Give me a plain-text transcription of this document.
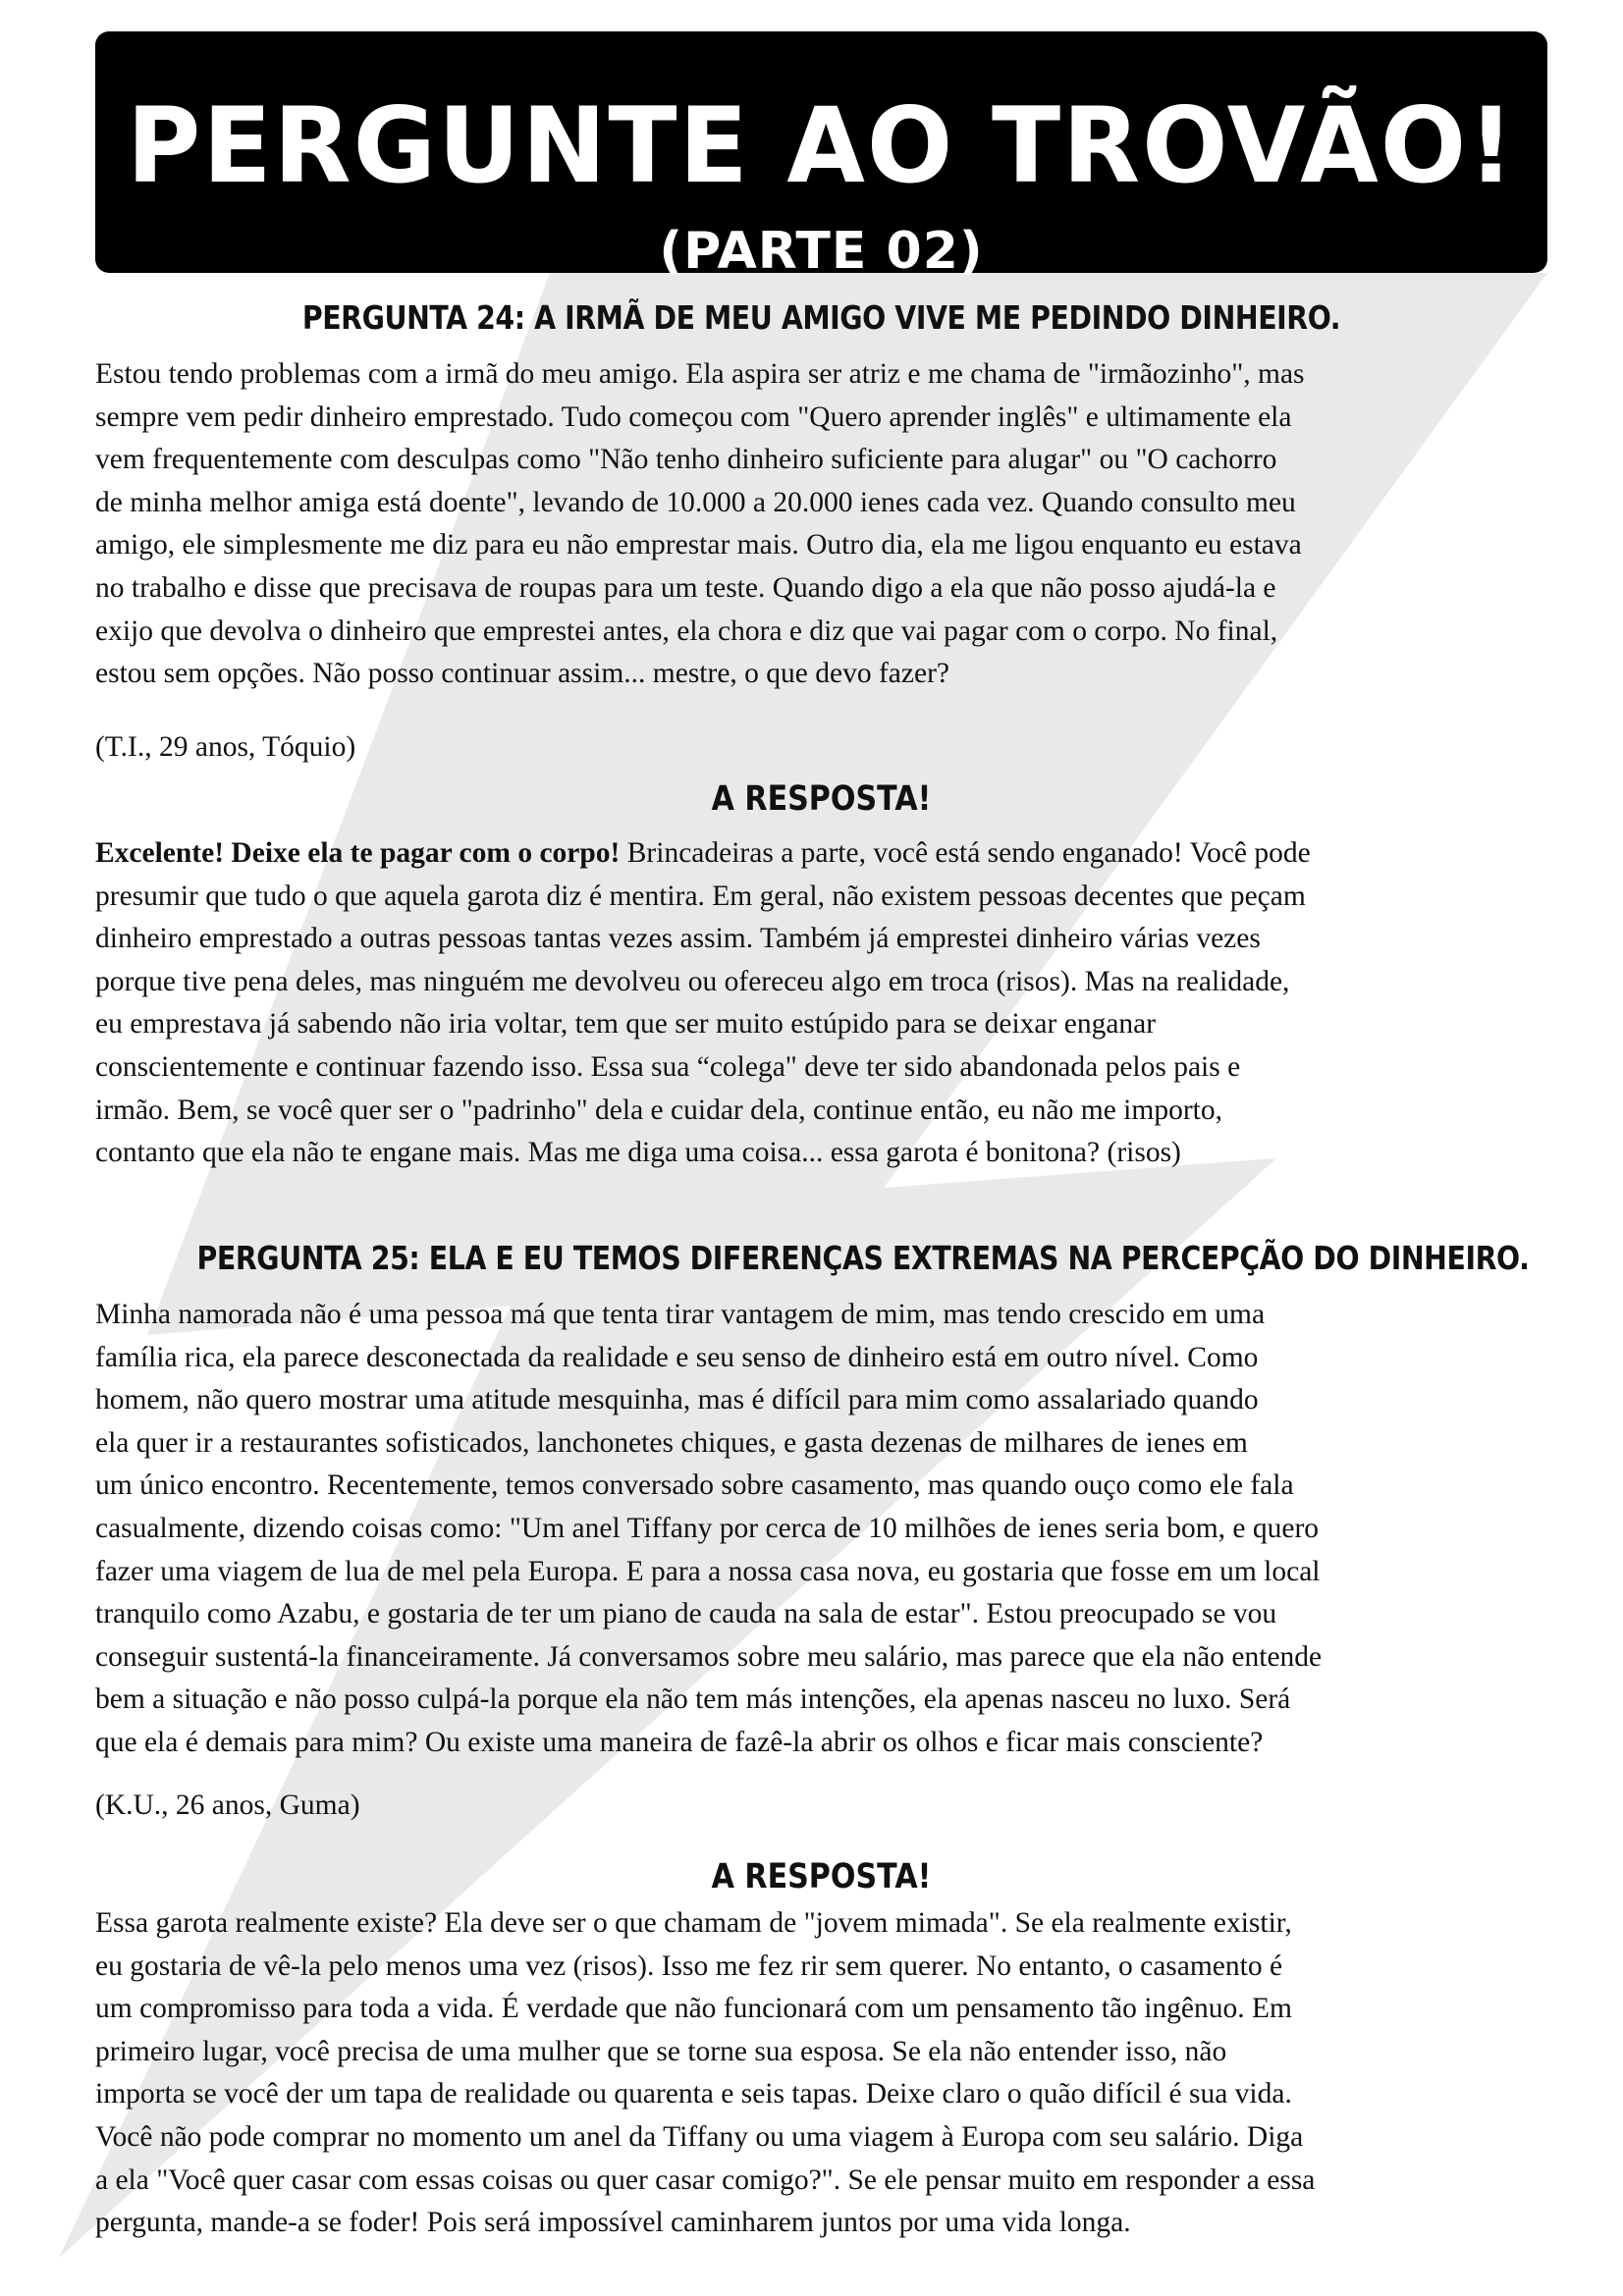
PERGUNTE AO TROVÃO!
(PARTE 02)
PERGUNTA 24: A IRMÃ DE MEU AMIGO VIVE ME PEDINDO DINHEIRO.
Estou tendo problemas com a irmã do meu amigo. Ela aspira ser atriz e me chama de "irmãozinho", mas
sempre vem pedir dinheiro emprestado. Tudo começou com "Quero aprender inglês" e ultimamente ela
vem frequentemente com desculpas como "Não tenho dinheiro suficiente para alugar" ou "O cachorro
de minha melhor amiga está doente", levando de 10.000 a 20.000 ienes cada vez. Quando consulto meu
amigo, ele simplesmente me diz para eu não emprestar mais. Outro dia, ela me ligou enquanto eu estava
no trabalho e disse que precisava de roupas para um teste. Quando digo a ela que não posso ajudá-la e
exijo que devolva o dinheiro que emprestei antes, ela chora e diz que vai pagar com o corpo. No final,
estou sem opções. Não posso continuar assim... mestre, o que devo fazer?
(T.I., 29 anos, Tóquio)
A RESPOSTA!
Excelente! Deixe ela te pagar com o corpo! Brincadeiras a parte, você está sendo enganado! Você pode
presumir que tudo o que aquela garota diz é mentira. Em geral, não existem pessoas decentes que peçam
dinheiro emprestado a outras pessoas tantas vezes assim. Também já emprestei dinheiro várias vezes
porque tive pena deles, mas ninguém me devolveu ou ofereceu algo em troca (risos). Mas na realidade,
eu emprestava já sabendo não iria voltar, tem que ser muito estúpido para se deixar enganar
conscientemente e continuar fazendo isso. Essa sua “colega" deve ter sido abandonada pelos pais e
irmão. Bem, se você quer ser o "padrinho" dela e cuidar dela, continue então, eu não me importo,
contanto que ela não te engane mais. Mas me diga uma coisa... essa garota é bonitona? (risos)
PERGUNTA 25: ELA E EU TEMOS DIFERENÇAS EXTREMAS NA PERCEPÇÃO DO DINHEIRO.
Minha namorada não é uma pessoa má que tenta tirar vantagem de mim, mas tendo crescido em uma
família rica, ela parece desconectada da realidade e seu senso de dinheiro está em outro nível. Como
homem, não quero mostrar uma atitude mesquinha, mas é difícil para mim como assalariado quando
ela quer ir a restaurantes sofisticados, lanchonetes chiques, e gasta dezenas de milhares de ienes em
um único encontro. Recentemente, temos conversado sobre casamento, mas quando ouço como ele fala
casualmente, dizendo coisas como: "Um anel Tiffany por cerca de 10 milhões de ienes seria bom, e quero
fazer uma viagem de lua de mel pela Europa. E para a nossa casa nova, eu gostaria que fosse em um local
tranquilo como Azabu, e gostaria de ter um piano de cauda na sala de estar". Estou preocupado se vou
conseguir sustentá-la financeiramente. Já conversamos sobre meu salário, mas parece que ela não entende
bem a situação e não posso culpá-la porque ela não tem más intenções, ela apenas nasceu no luxo. Será
que ela é demais para mim? Ou existe uma maneira de fazê-la abrir os olhos e ficar mais consciente?
(K.U., 26 anos, Guma)
A RESPOSTA!
Essa garota realmente existe? Ela deve ser o que chamam de "jovem mimada". Se ela realmente existir,
eu gostaria de vê-la pelo menos uma vez (risos). Isso me fez rir sem querer. No entanto, o casamento é
um compromisso para toda a vida. É verdade que não funcionará com um pensamento tão ingênuo. Em
primeiro lugar, você precisa de uma mulher que se torne sua esposa. Se ela não entender isso, não
importa se você der um tapa de realidade ou quarenta e seis tapas. Deixe claro o quão difícil é sua vida.
Você não pode comprar no momento um anel da Tiffany ou uma viagem à Europa com seu salário. Diga
a ela "Você quer casar com essas coisas ou quer casar comigo?". Se ele pensar muito em responder a essa
pergunta, mande-a se foder! Pois será impossível caminharem juntos por uma vida longa.
